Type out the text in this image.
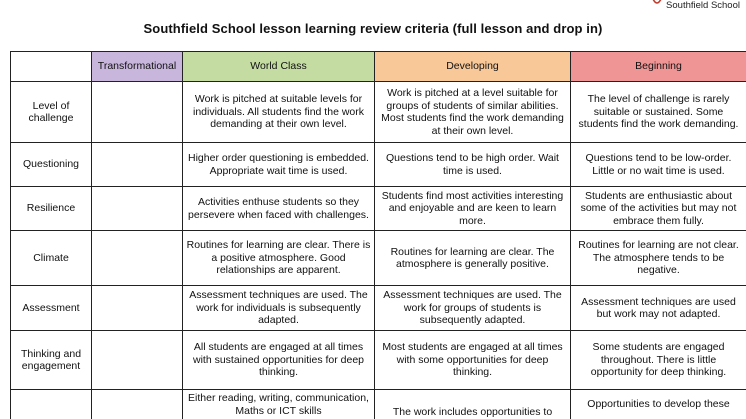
Southfield School
Southfield School lesson learning review criteria (full lesson and drop in)
	Transformational	World Class	Developing	Beginning
Level of challenge		Work is pitched at suitable levels for individuals. All students find the work demanding at their own level.	Work is pitched at a level suitable for groups of students of similar abilities. Most students find the work demanding at their own level.	The level of challenge is rarely suitable or sustained. Some students find the work demanding.
Questioning		Higher order questioning is embedded. Appropriate wait time is used.	Questions tend to be high order. Wait time is used.	Questions tend to be low-order. Little or no wait time is used.
Resilience		Activities enthuse students so they persevere when faced with challenges.	Students find most activities interesting and enjoyable and are keen to learn more.	Students are enthusiastic about some of the activities but may not embrace them fully.
Climate		Routines for learning are clear. There is a positive atmosphere. Good relationships are apparent.	Routines for learning are clear. The atmosphere is generally positive.	Routines for learning are not clear. The atmosphere tends to be negative.
Assessment		Assessment techniques are used. The work for individuals is subsequently adapted.	Assessment techniques are used. The work for groups of students is subsequently adapted.	Assessment techniques are used but work may not adapted.
Thinking and engagement		All students are engaged at all times with sustained opportunities for deep thinking.	Most students are engaged at all times with some opportunities for deep thinking.	Some students are engaged throughout. There is little opportunity for deep thinking.
		Either reading, writing, communication, Maths or ICT skills	The work includes opportunities to	Opportunities to develop these
